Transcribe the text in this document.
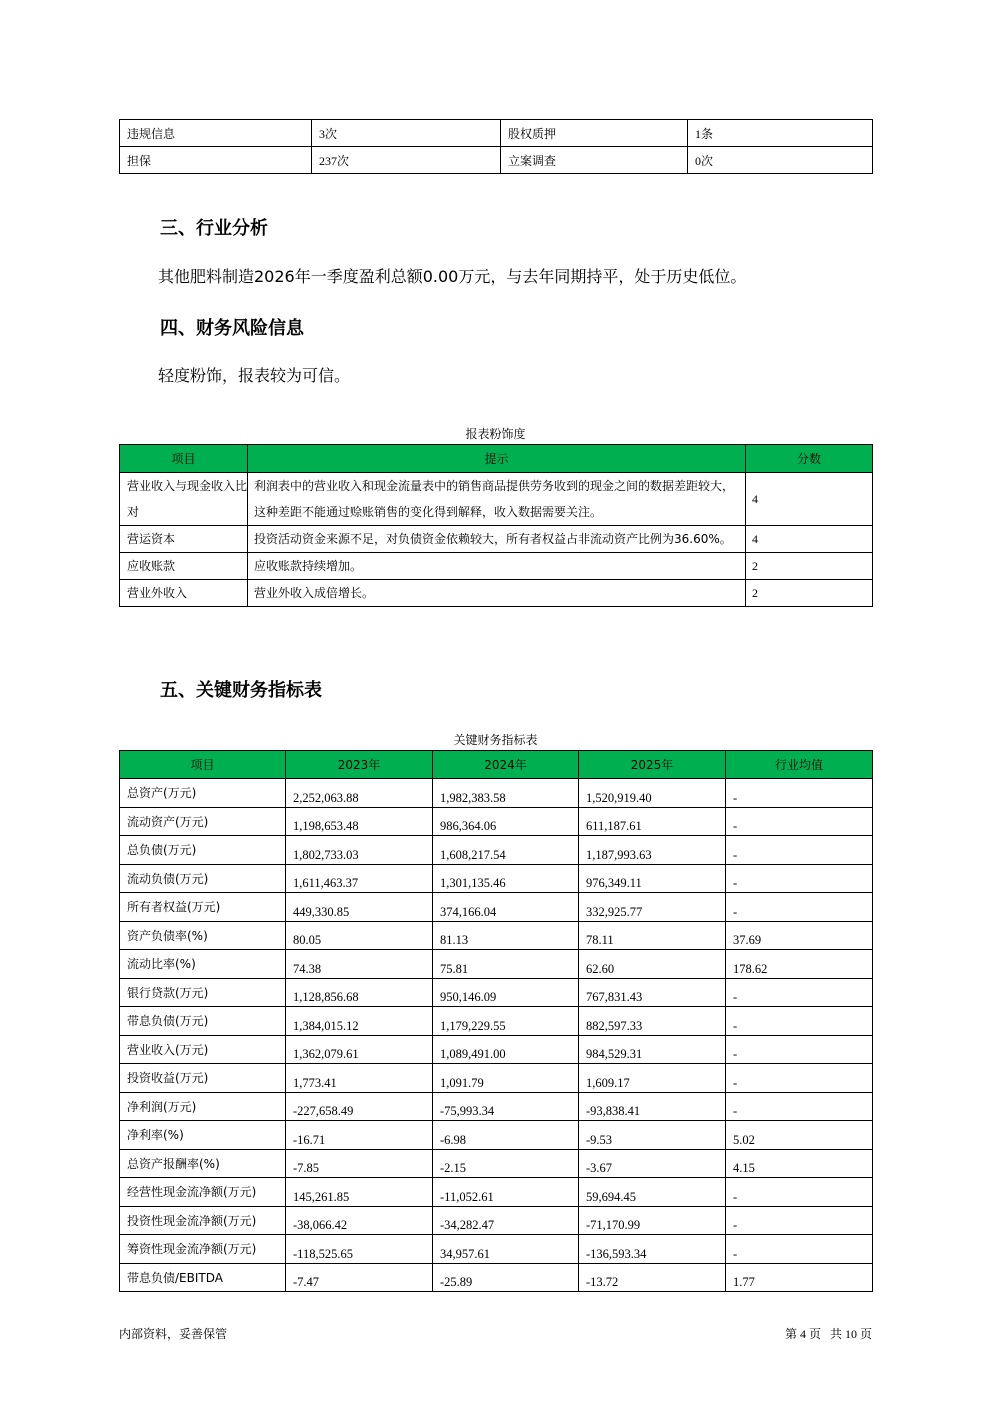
违规信息	3次	股权质押	1条
担保	237次	立案调查	0次
三、行业分析

其他肥料制造2026年一季度盈利总额0.00万元，与去年同期持平，处于历史低位。

四、财务风险信息

轻度粉饰，报表较为可信。

报表粉饰度
项目	提示	分数
营业收入与现金收入比对	利润表中的营业收入和现金流量表中的销售商品提供劳务收到的现金之间的数据差距较大，这种差距不能通过赊账销售的变化得到解释，收入数据需要关注。	4
营运资本	投资活动资金来源不足，对负债资金依赖较大，所有者权益占非流动资产比例为36.60%。	4
应收账款	应收账款持续增加。	2
营业外收入	营业外收入成倍增长。	2
五、关键财务指标表
关键财务指标表
项目	2023年	2024年	2025年	行业均值
总资产(万元)	2,252,063.88	1,982,383.58	1,520,919.40	-
流动资产(万元)	1,198,653.48	986,364.06	611,187.61	-
总负债(万元)	1,802,733.03	1,608,217.54	1,187,993.63	-
流动负债(万元)	1,611,463.37	1,301,135.46	976,349.11	-
所有者权益(万元)	449,330.85	374,166.04	332,925.77	-
资产负债率(%)	80.05	81.13	78.11	37.69
流动比率(%)	74.38	75.81	62.60	178.62
银行贷款(万元)	1,128,856.68	950,146.09	767,831.43	-
带息负债(万元)	1,384,015.12	1,179,229.55	882,597.33	-
营业收入(万元)	1,362,079.61	1,089,491.00	984,529.31	-
投资收益(万元)	1,773.41	1,091.79	1,609.17	-
净利润(万元)	-227,658.49	-75,993.34	-93,838.41	-
净利率(%)	-16.71	-6.98	-9.53	5.02
总资产报酬率(%)	-7.85	-2.15	-3.67	4.15
经营性现金流净额(万元)	145,261.85	-11,052.61	59,694.45	-
投资性现金流净额(万元)	-38,066.42	-34,282.47	-71,170.99	-
筹资性现金流净额(万元)	-118,525.65	34,957.61	-136,593.34	-
带息负债/EBITDA	-7.47	-25.89	-13.72	1.77
内部资料，妥善保管	第 4 页   共 10 页
